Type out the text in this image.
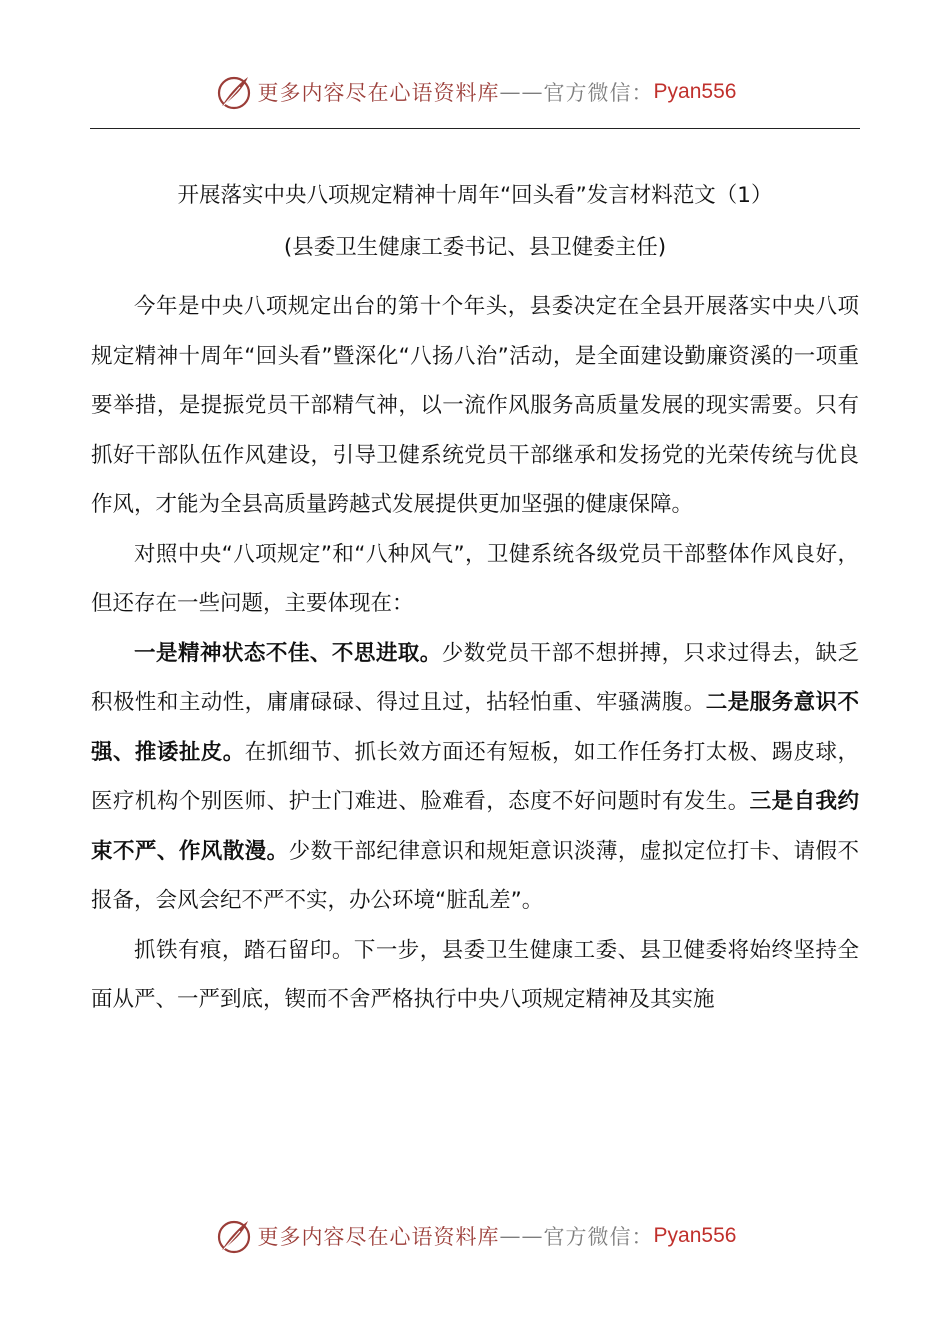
更多内容尽在心语资料库 —— 官方微信： Pyan556

开展落实中央八项规定精神十周年“回头看”发言材料范文（1）

(县委卫生健康工委书记、县卫健委主任)

今年是中央八项规定出台的第十个年头，县委决定在全县开展落实中央八项规定精神十周年“回头看”暨深化“八扬八治”活动，是全面建设勤廉资溪的一项重要举措，是提振党员干部精气神，以一流作风服务高质量发展的现实需要。只有抓好干部队伍作风建设，引导卫健系统党员干部继承和发扬党的光荣传统与优良作风，才能为全县高质量跨越式发展提供更加坚强的健康保障。

对照中央“八项规定”和“八种风气”，卫健系统各级党员干部整体作风良好，但还存在一些问题，主要体现在：

一是精神状态不佳、不思进取。少数党员干部不想拼搏，只求过得去，缺乏积极性和主动性，庸庸碌碌、得过且过，拈轻怕重、牢骚满腹。二是服务意识不强、推诿扯皮。在抓细节、抓长效方面还有短板，如工作任务打太极、踢皮球，医疗机构个别医师、护士门难进、脸难看，态度不好问题时有发生。三是自我约束不严、作风散漫。少数干部纪律意识和规矩意识淡薄，虚拟定位打卡、请假不报备，会风会纪不严不实，办公环境“脏乱差”。

抓铁有痕，踏石留印。下一步，县委卫生健康工委、县卫健委将始终坚持全面从严、一严到底，锲而不舍严格执行中央八项规定精神及其实施

更多内容尽在心语资料库 —— 官方微信： Pyan556
